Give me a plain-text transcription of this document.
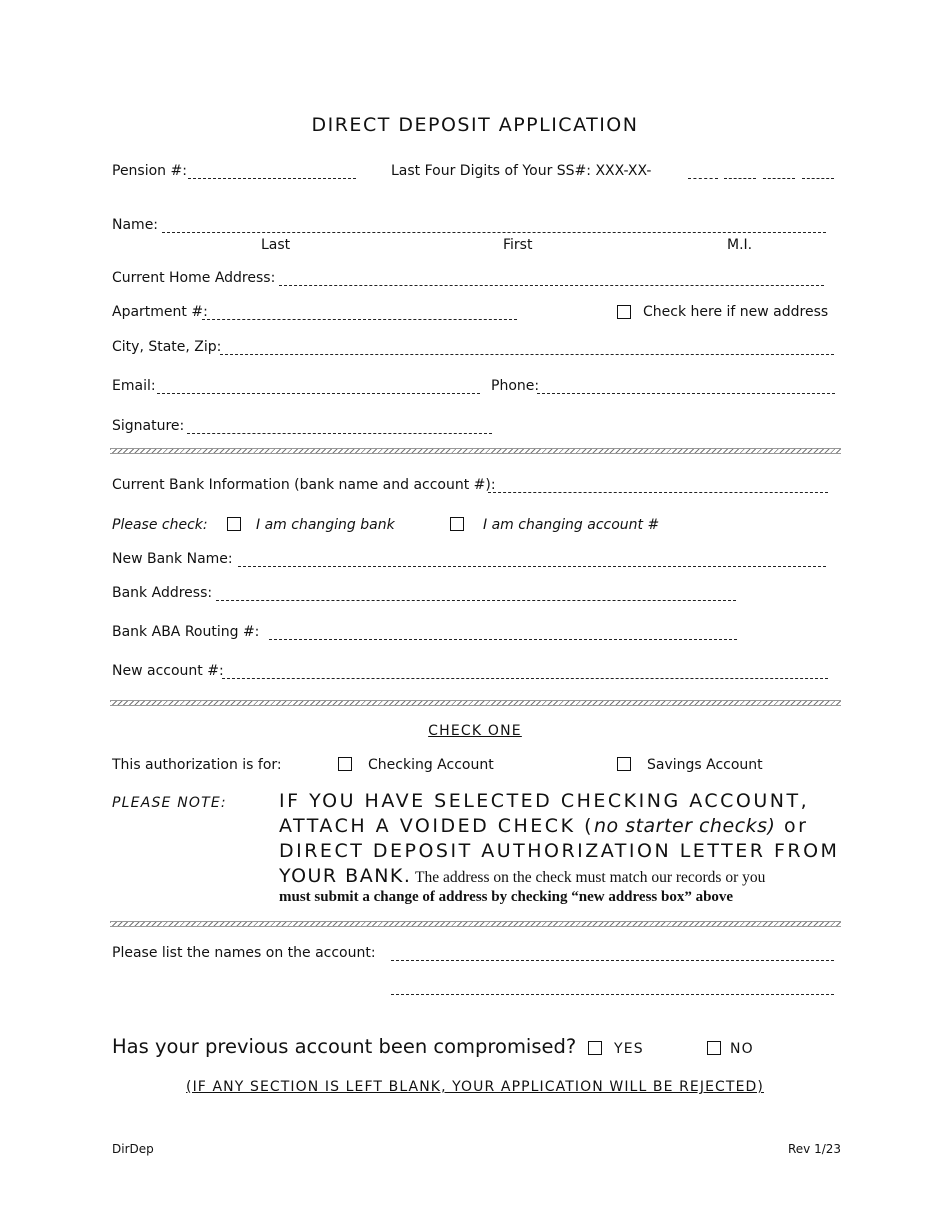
DIRECT DEPOSIT APPLICATION
Pension #:	Last Four Digits of Your SS#: XXX-XX-
Name:
Last	First	M.I.
Current Home Address:
Apartment #:	Check here if new address
City, State, Zip:
Email:	Phone:
Signature:
Current Bank Information (bank name and account #):
Please check:	I am changing bank	I am changing account #
New Bank Name:
Bank Address:
Bank ABA Routing #:
New account #:
CHECK ONE
This authorization is for:	Checking Account	Savings Account
PLEASE NOTE:	IF YOU HAVE SELECTED CHECKING ACCOUNT,
ATTACH A VOIDED CHECK (no starter checks) or
DIRECT DEPOSIT AUTHORIZATION LETTER FROM
YOUR BANK. The address on the check must match our records or you
must submit a change of address by checking “new address box” above
Please list the names on the account:
Has your previous account been compromised?	YES	NO
(IF ANY SECTION IS LEFT BLANK, YOUR APPLICATION WILL BE REJECTED)
DirDep	Rev 1/23
